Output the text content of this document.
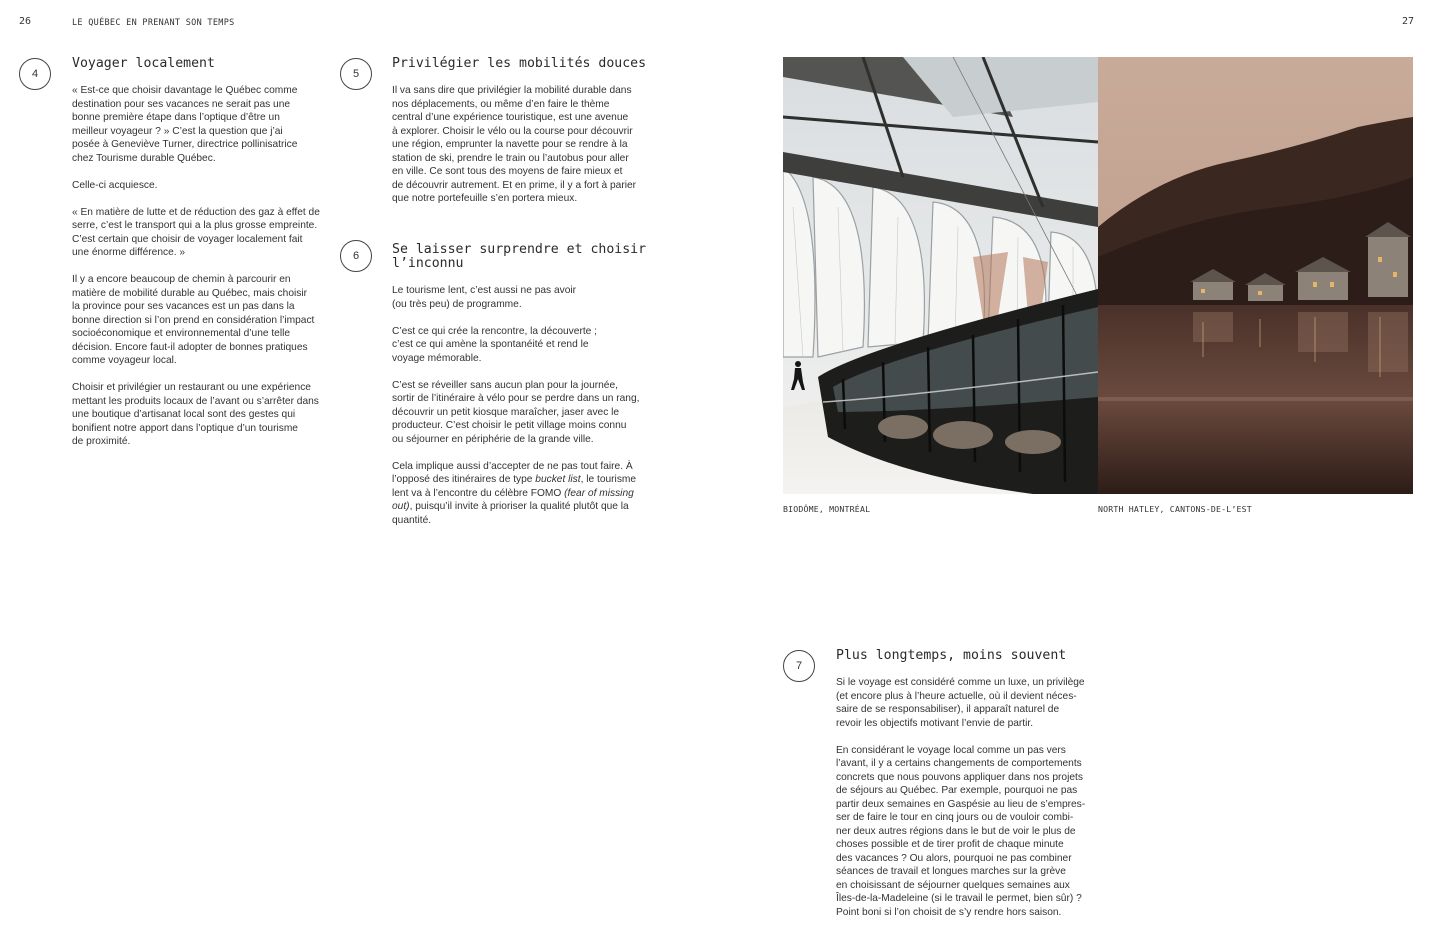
26	LE QUÉBEC EN PRENANT SON TEMPS	27
4
Voyager localement

« Est-ce que choisir davantage le Québec comme
destination pour ses vacances ne serait pas une
bonne première étape dans l’optique d’être un
meilleur voyageur ? » C’est la question que j’ai
posée à Geneviève Turner, directrice pollinisatrice
chez Tourisme durable Québec.

Celle-ci acquiesce.

« En matière de lutte et de réduction des gaz à effet de
serre, c’est le transport qui a la plus grosse empreinte.
C’est certain que choisir de voyager localement fait
une énorme différence. »

Il y a encore beaucoup de chemin à parcourir en
matière de mobilité durable au Québec, mais choisir
la province pour ses vacances est un pas dans la
bonne direction si l’on prend en considération l’impact
socioéconomique et environnemental d’une telle
décision. Encore faut-il adopter de bonnes pratiques
comme voyageur local.

Choisir et privilégier un restaurant ou une expérience
mettant les produits locaux de l’avant ou s’arrêter dans
une boutique d’artisanat local sont des gestes qui
bonifient notre apport dans l’optique d’un tourisme
de proximité.

5
Privilégier les mobilités douces

Il va sans dire que privilégier la mobilité durable dans
nos déplacements, ou même d’en faire le thème
central d’une expérience touristique, est une avenue
à explorer. Choisir le vélo ou la course pour découvrir
une région, emprunter la navette pour se rendre à la
station de ski, prendre le train ou l’autobus pour aller
en ville. Ce sont tous des moyens de faire mieux et
de découvrir autrement. Et en prime, il y a fort à parier
que notre portefeuille s’en portera mieux.

6	Se laisser surprendre et choisir
l’inconnu

Le tourisme lent, c’est aussi ne pas avoir
(ou très peu) de programme.

C’est ce qui crée la rencontre, la découverte ;
c’est ce qui amène la spontanéité et rend le
voyage mémorable.

C’est se réveiller sans aucun plan pour la journée,
sortir de l’itinéraire à vélo pour se perdre dans un rang,
découvrir un petit kiosque maraîcher, jaser avec le
producteur. C’est choisir le petit village moins connu
ou séjourner en périphérie de la grande ville.

Cela implique aussi d’accepter de ne pas tout faire. À
l’opposé des itinéraires de type bucket list, le tourisme
lent va à l’encontre du célèbre FOMO (fear of missing
out), puisqu’il invite à prioriser la qualité plutôt que la
quantité.

BIODÔME, MONTRÉAL	NORTH HATLEY, CANTONS-DE-L’EST
7
Plus longtemps, moins souvent

Si le voyage est considéré comme un luxe, un privilège
(et encore plus à l’heure actuelle, où il devient néces-
saire de se responsabiliser), il apparaît naturel de
revoir les objectifs motivant l’envie de partir.

En considérant le voyage local comme un pas vers
l’avant, il y a certains changements de comportements
concrets que nous pouvons appliquer dans nos projets
de séjours au Québec. Par exemple, pourquoi ne pas
partir deux semaines en Gaspésie au lieu de s’empres-
ser de faire le tour en cinq jours ou de vouloir combi-
ner deux autres régions dans le but de voir le plus de
choses possible et de tirer profit de chaque minute
des vacances ? Ou alors, pourquoi ne pas combiner
séances de travail et longues marches sur la grève
en choisissant de séjourner quelques semaines aux
Îles-de-la-Madeleine (si le travail le permet, bien sûr) ?
Point boni si l’on choisit de s’y rendre hors saison.
